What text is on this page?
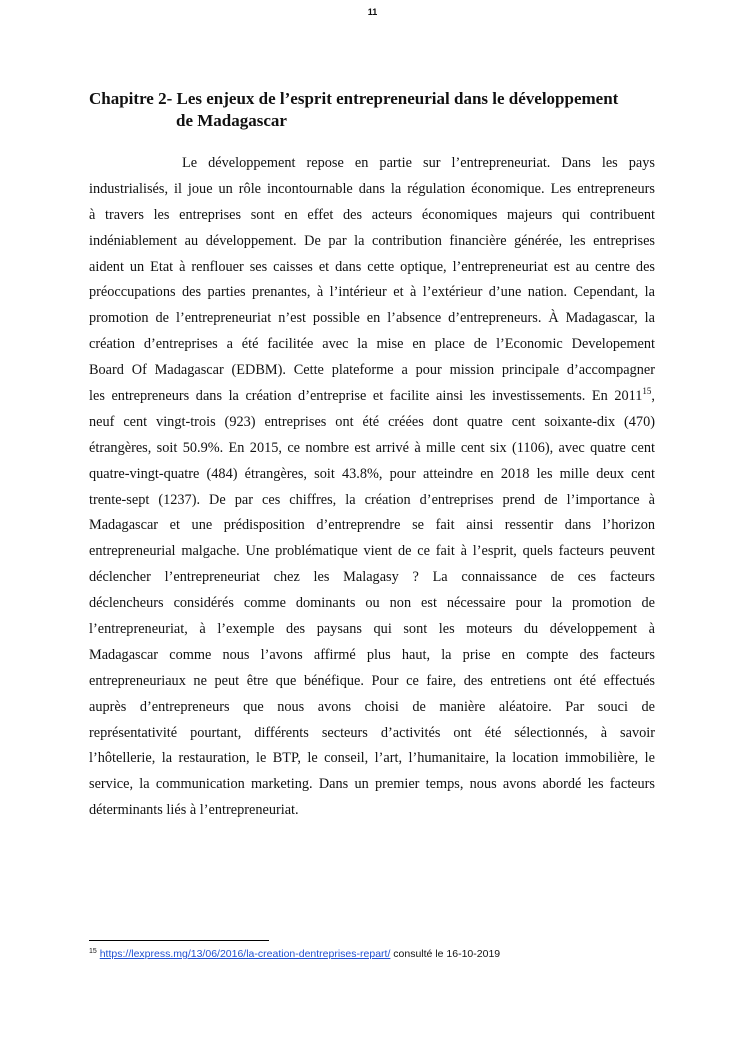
11
Chapitre 2- Les enjeux de l’esprit entrepreneurial dans le développement
de Madagascar
Le développement repose en partie sur l’entrepreneuriat. Dans les pays
industrialisés, il joue un rôle incontournable dans la régulation économique. Les entrepreneurs
à travers les entreprises sont en effet des acteurs économiques majeurs qui contribuent
indéniablement au développement. De par la contribution financière générée, les entreprises
aident un Etat à renflouer ses caisses et dans cette optique, l’entrepreneuriat est au centre des
préoccupations des parties prenantes, à l’intérieur et à l’extérieur d’une nation. Cependant, la
promotion de l’entrepreneuriat n’est possible en l’absence d’entrepreneurs. À Madagascar, la
création d’entreprises a été facilitée avec la mise en place de l’Economic Developement
Board Of Madagascar (EDBM). Cette plateforme a pour mission principale d’accompagner
les entrepreneurs dans la création d’entreprise et facilite ainsi les investissements. En 2011$^{15}$,
neuf cent vingt-trois (923) entreprises ont été créées dont quatre cent soixante-dix (470)
étrangères, soit 50.9%. En 2015, ce nombre est arrivé à mille cent six (1106), avec quatre cent
quatre-vingt-quatre (484) étrangères, soit 43.8%, pour atteindre en 2018 les mille deux cent
trente-sept (1237). De par ces chiffres, la création d’entreprises prend de l’importance à
Madagascar et une prédisposition d’entreprendre se fait ainsi ressentir dans l’horizon
entrepreneurial malgache. Une problématique vient de ce fait à l’esprit, quels facteurs peuvent
déclencher l’entrepreneuriat chez les Malagasy ? La connaissance de ces facteurs
déclencheurs considérés comme dominants ou non est nécessaire pour la promotion de
l’entrepreneuriat, à l’exemple des paysans qui sont les moteurs du développement à
Madagascar comme nous l’avons affirmé plus haut, la prise en compte des facteurs
entrepreneuriaux ne peut être que bénéfique. Pour ce faire, des entretiens ont été effectués
auprès d’entrepreneurs que nous avons choisi de manière aléatoire. Par souci de
représentativité pourtant, différents secteurs d’activités ont été sélectionnés, à savoir
l’hôtellerie, la restauration, le BTP, le conseil, l’art, l’humanitaire, la location immobilière, le
service, la communication marketing. Dans un premier temps, nous avons abordé les facteurs
déterminants liés à l’entrepreneuriat.
$^{15}$ https://lexpress.mg/13/06/2016/la-creation-dentreprises-repart/ consulté le 16-10-2019
